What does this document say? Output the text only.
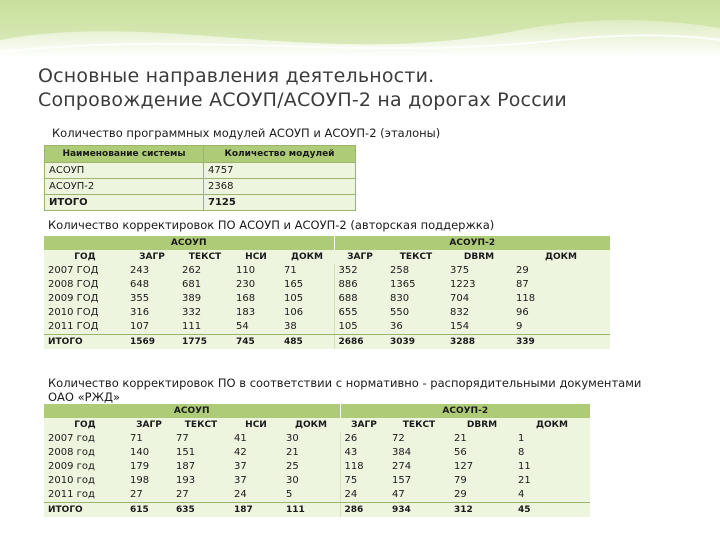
Основные направления деятельности.
Сопровождение АСОУП/АСОУП-2 на дорогах России
Количество программных модулей АСОУП и АСОУП-2 (эталоны)
Наименование системы	Количество модулей
АСОУП	4757
АСОУП-2	2368
ИТОГО	7125
Количество корректировок ПО АСОУП и АСОУП-2 (авторская поддержка)
АСОУП					АСОУП-2			
ГОД	ЗАГР	ТЕКСТ	НСИ	ДОКМ	ЗАГР	ТЕКСТ	DBRM	ДОКМ
2007 ГОД	243	262	110	71	352	258	375	29
2008 ГОД	648	681	230	165	886	1365	1223	87
2009 ГОД	355	389	168	105	688	830	704	118
2010 ГОД	316	332	183	106	655	550	832	96
2011 ГОД	107	111	54	38	105	36	154	9
ИТОГО	1569	1775	745	485	2686	3039	3288	339
Количество корректировок ПО в соответствии с нормативно - распорядительными документами
ОАО «РЖД»
АСОУП					АСОУП-2			
ГОД	ЗАГР	ТЕКСТ	НСИ	ДОКМ	ЗАГР	ТЕКСТ	DBRM	ДОКМ
2007 год	71	77	41	30	26	72	21	1
2008 год	140	151	42	21	43	384	56	8
2009 год	179	187	37	25	118	274	127	11
2010 год	198	193	37	30	75	157	79	21
2011 год	27	27	24	5	24	47	29	4
ИТОГО	615	635	187	111	286	934	312	45
